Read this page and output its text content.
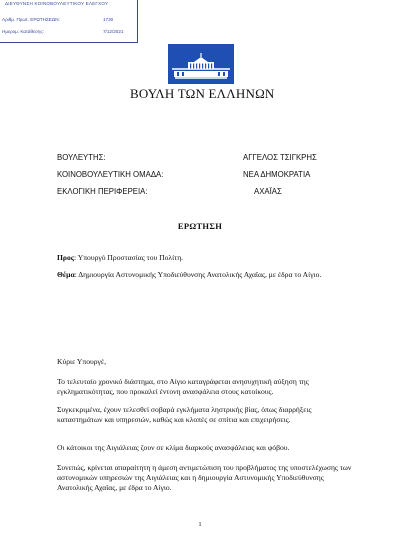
ΔΙΕΥΘΥΝΣΗ ΚΟΙΝΟΒΟΥΛΕΥΤΙΚΟΥ ΕΛΕΓΧΟΥ
Αριθμ. Πρωτ. ΕΡΩΤΗΣΕΩΝ:	1730
Ημερομ. Κατάθεσης:	7/12/2021
ΒΟΥΛΗ ΤΩΝ ΕΛΛΗΝΩΝ
ΒΟΥΛΕΥΤΗΣ:	ΑΓΓΕΛΟΣ ΤΣΙΓΚΡΗΣ
ΚΟΙΝΟΒΟΥΛΕΥΤΙΚΗ ΟΜΑΔΑ:	ΝΕΑ ΔΗΜΟΚΡΑΤΙΑ
ΕΚΛΟΓΙΚΗ ΠΕΡΙΦΕΡΕΙΑ:	ΑΧΑΪΑΣ
ΕΡΩΤΗΣΗ
Προς: Υπουργό Προστασίας του Πολίτη.
Θέμα: Δημιουργία Αστυνομικής Υποδιεύθυνσης Ανατολικής Αχαΐας, με έδρα το Αίγιο.
Κύριε Υπουργέ,
Το τελευταίο χρονικό διάστημα, στο Αίγιο καταγράφεται ανησυχητική αύξηση της εγκληματικότητας, που προκαλεί έντονη ανασφάλεια στους κατοίκους.
Συγκεκριμένα, έχουν τελεσθεί σοβαρά εγκλήματα ληστρικής βίας, όπως διαρρήξεις καταστημάτων και υπηρεσιών, καθώς και κλοπές σε σπίτια και επιχειρήσεις.
Οι κάτοικοι της Αιγιάλειας ζουν σε κλίμα διαρκούς ανασφάλειας και φόβου.
Συνεπώς, κρίνεται απαραίτητη η άμεση αντιμετώπιση του προβλήματος της υποστελέχωσης των αστυνομικών υπηρεσιών της Αιγιάλειας και η δημιουργία Αστυνομικής Υποδιεύθυνσης Ανατολικής Αχαΐας, με έδρα το Αίγιο.
1
